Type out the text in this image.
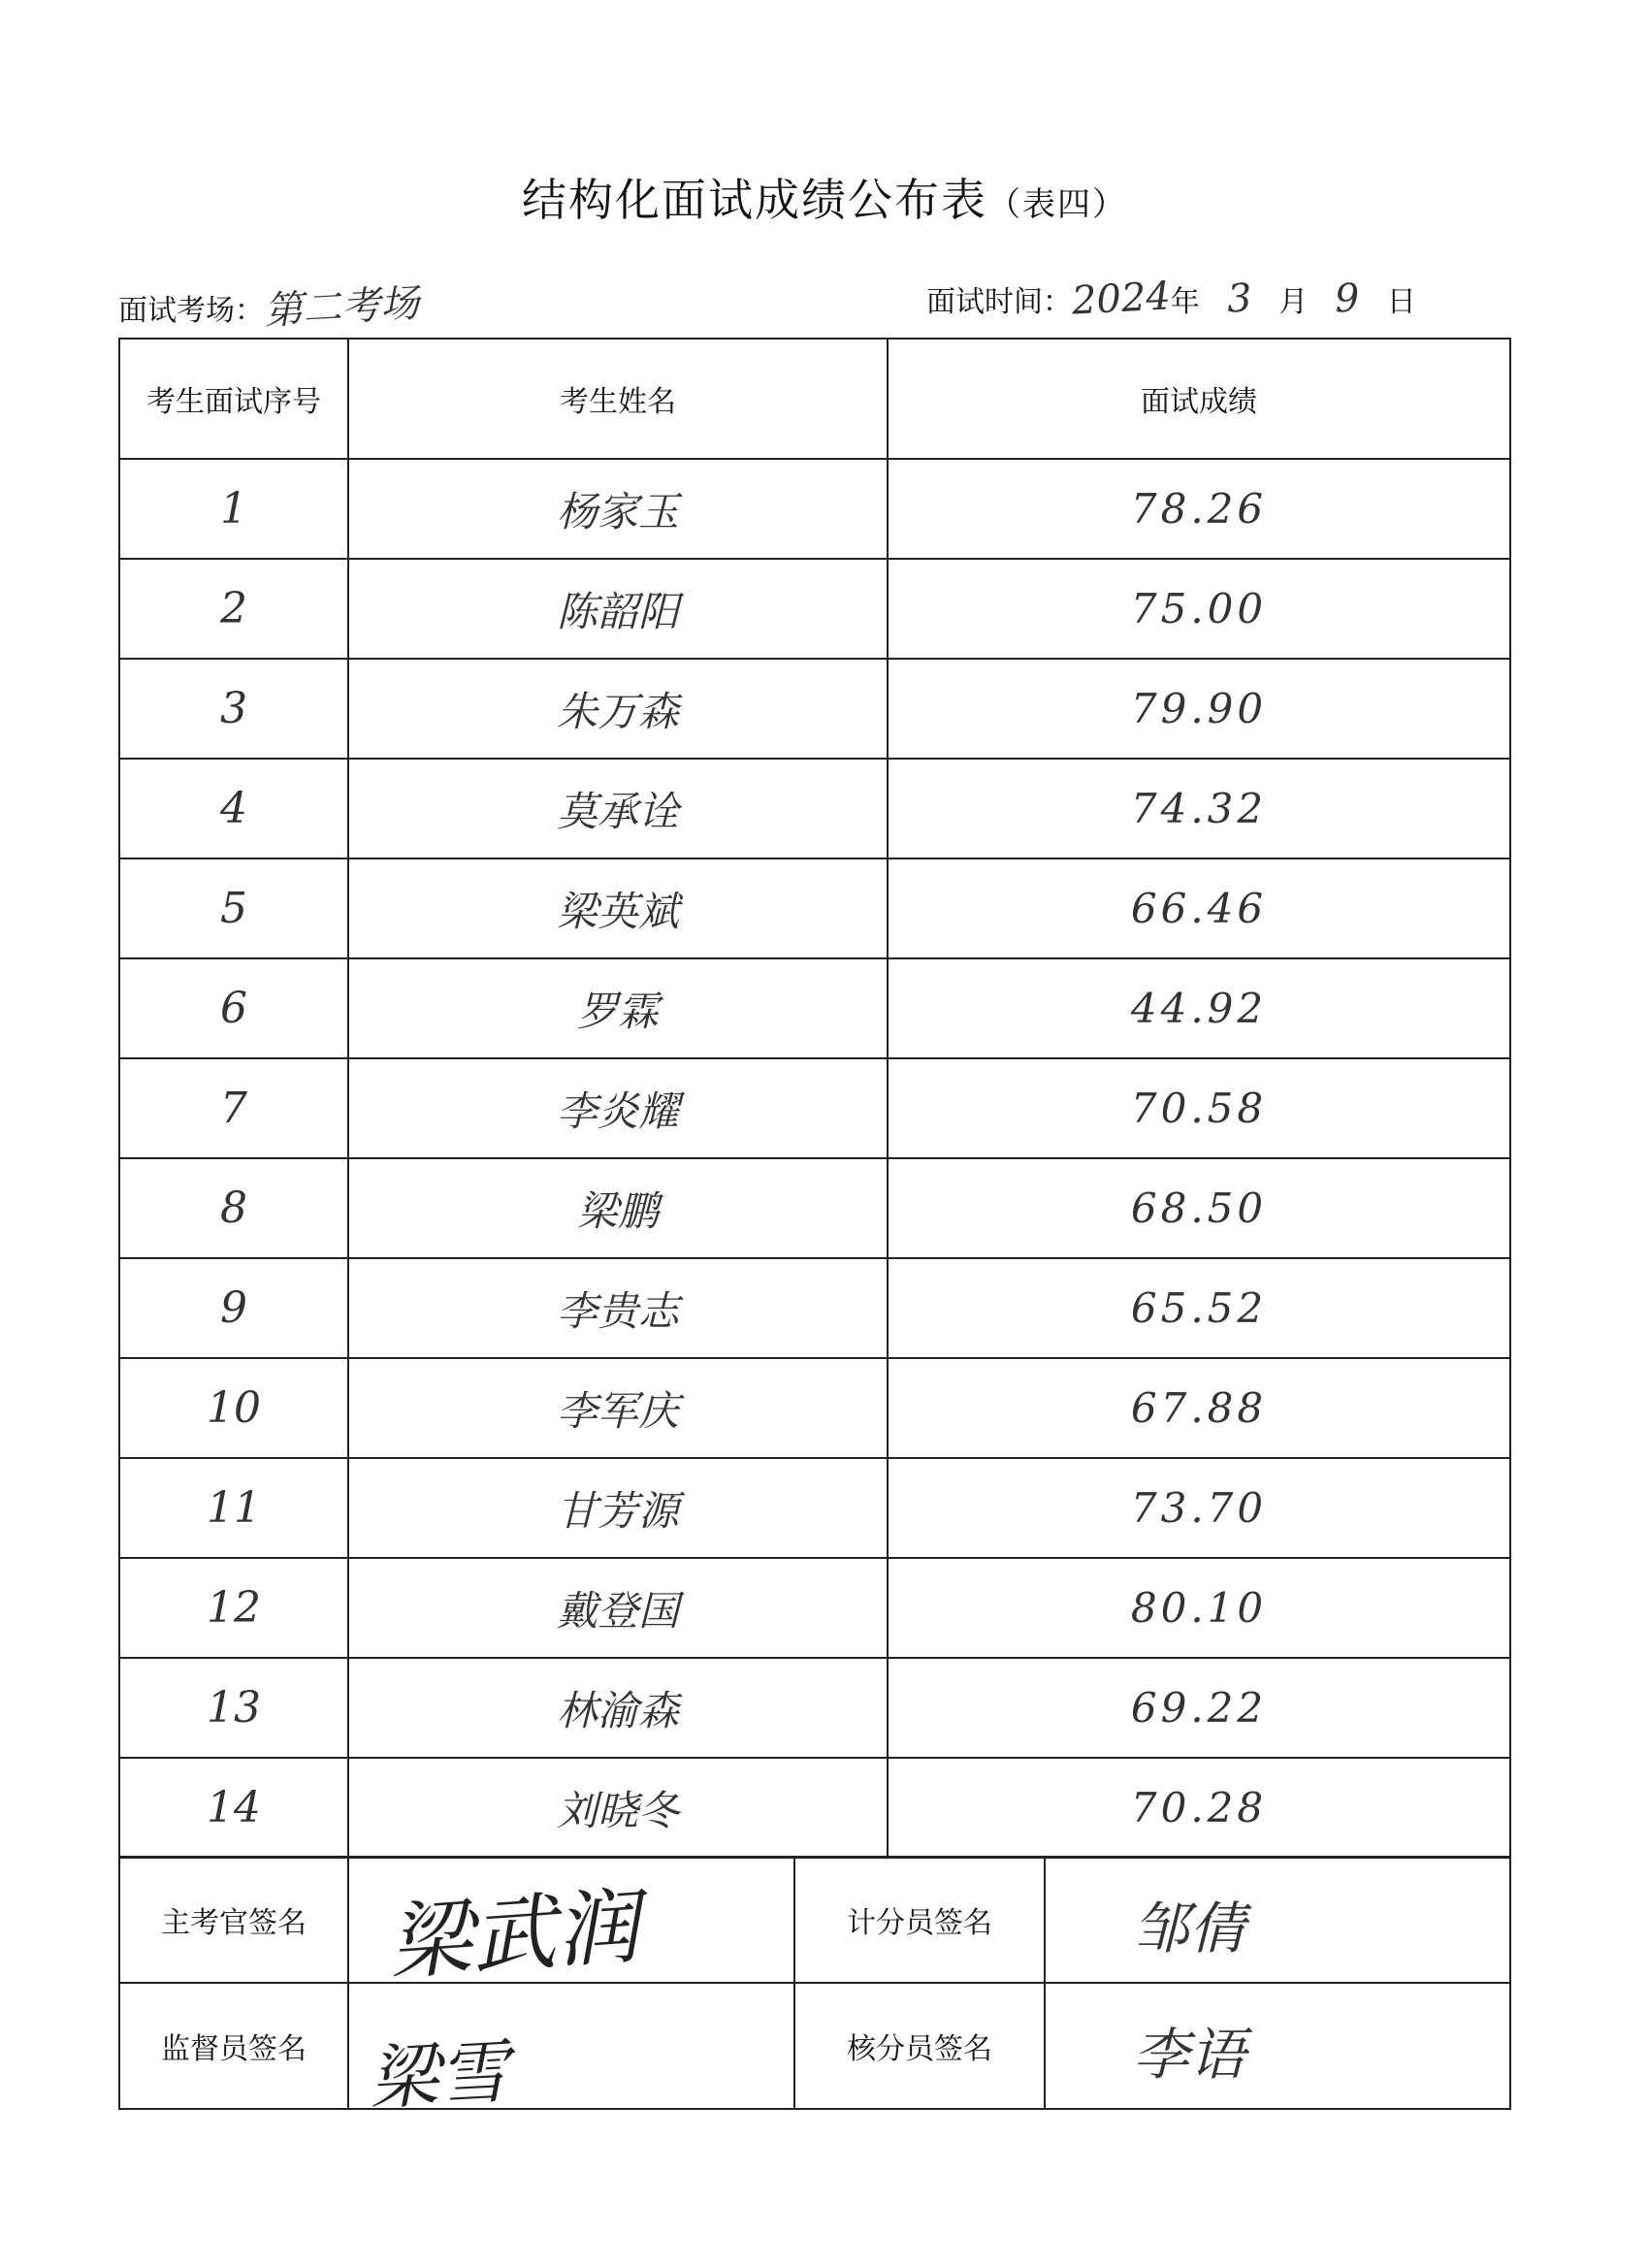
结构化面试成绩公布表（表四）
面试考场：第二考场	面试时间：2024年 3 月 9 日
考生面试序号	考生姓名	面试成绩
1	杨家玉	78.26
2	陈韶阳	75.00
3	朱万森	79.90
4	莫承诠	74.32
5	梁英斌	66.46
6	罗霖	44.92
7	李炎耀	70.58
8	梁鹏	68.50
9	李贵志	65.52
10	李军庆	67.88
11	甘芳源	73.70
12	戴登国	80.10
13	林渝森	69.22
14	刘晓冬	70.28
主考官签名	梁武润	计分员签名	邹倩

监督员签名	梁雪	核分员签名	李语
